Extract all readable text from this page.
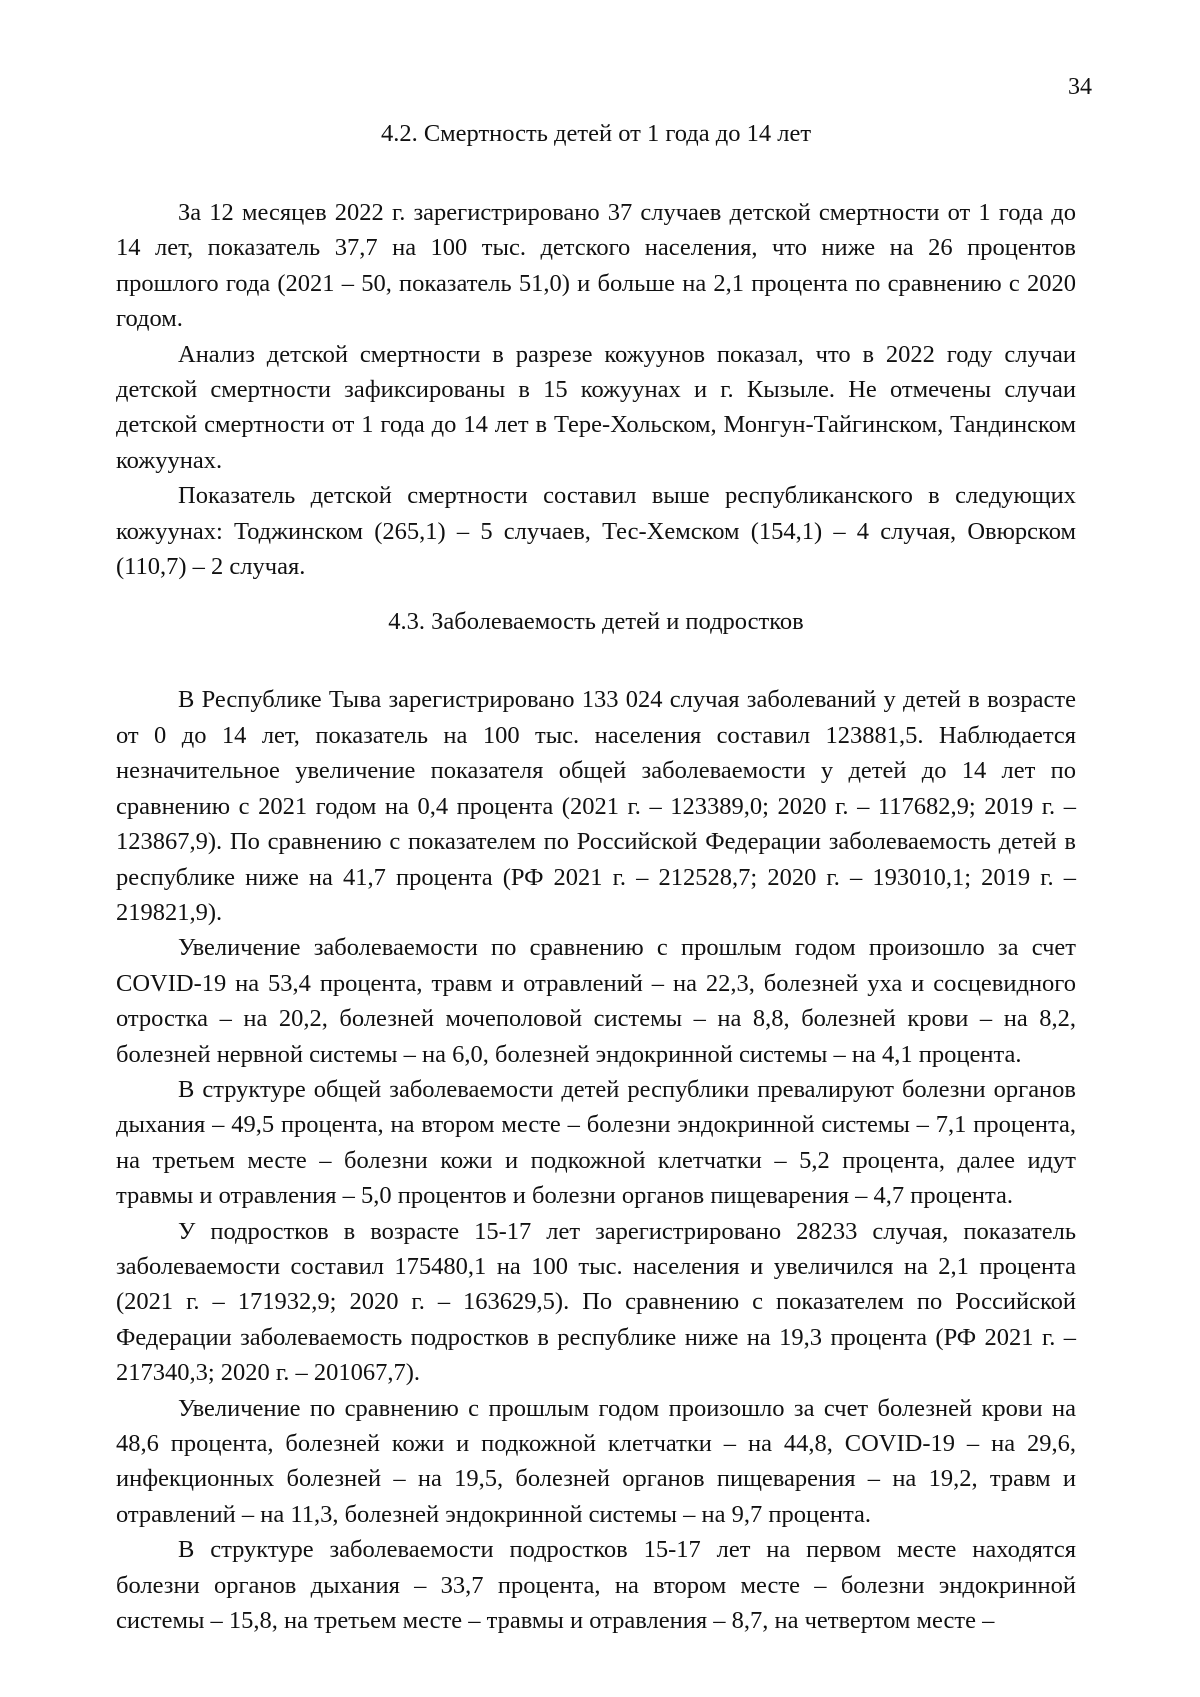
34
4.2. Смертность детей от 1 года до 14 лет

За 12 месяцев 2022 г. зарегистрировано 37 случаев детской смертности от 1 года до 14 лет, показатель 37,7 на 100 тыс. детского населения, что ниже на 26 процентов прошлого года (2021 – 50, показатель 51,0) и больше на 2,1 процента по сравнению с 2020 годом.

Анализ детской смертности в разрезе кожуунов показал, что в 2022 году случаи детской смертности зафиксированы в 15 кожуунах и г. Кызыле. Не отмечены случаи детской смертности от 1 года до 14 лет в Тере-Хольском, Монгун-Тайгинском, Тандинском кожуунах.

Показатель детской смертности составил выше республиканского в следующих кожуунах: Тоджинском (265,1) – 5 случаев, Тес-Хемском (154,1) – 4 случая, Овюрском (110,7) – 2 случая.

4.3. Заболеваемость детей и подростков

В Республике Тыва зарегистрировано 133 024 случая заболеваний у детей в возрасте от 0 до 14 лет, показатель на 100 тыс. населения составил 123881,5. Наблюдается незначительное увеличение показателя общей заболеваемости у детей до 14 лет по сравнению с 2021 годом на 0,4 процента (2021 г. – 123389,0; 2020 г. – 117682,9; 2019 г. – 123867,9). По сравнению с показателем по Российской Федерации заболеваемость детей в республике ниже на 41,7 процента (РФ 2021 г. – 212528,7; 2020 г. – 193010,1; 2019 г. – 219821,9).

Увеличение заболеваемости по сравнению с прошлым годом произошло за счет COVID-19 на 53,4 процента, травм и отравлений – на 22,3, болезней уха и сосцевидного отростка – на 20,2, болезней мочеполовой системы – на 8,8, болезней крови – на 8,2, болезней нервной системы – на 6,0, болезней эндокринной системы – на 4,1 процента.

В структуре общей заболеваемости детей республики превалируют болезни органов дыхания – 49,5 процента, на втором месте – болезни эндокринной системы – 7,1 процента, на третьем месте – болезни кожи и подкожной клетчатки – 5,2 процента, далее идут травмы и отравления – 5,0 процентов и болезни органов пищеварения – 4,7 процента.

У подростков в возрасте 15-17 лет зарегистрировано 28233 случая, показатель заболеваемости составил 175480,1 на 100 тыс. населения и увеличился на 2,1 процента (2021 г. – 171932,9; 2020 г. – 163629,5). По сравнению с показателем по Российской Федерации заболеваемость подростков в республике ниже на 19,3 процента (РФ 2021 г. – 217340,3; 2020 г. – 201067,7).

Увеличение по сравнению с прошлым годом произошло за счет болезней крови на 48,6 процента, болезней кожи и подкожной клетчатки – на 44,8, COVID-19 – на 29,6, инфекционных болезней – на 19,5, болезней органов пищеварения – на 19,2, травм и отравлений – на 11,3, болезней эндокринной системы – на 9,7 процента.

В структуре заболеваемости подростков 15-17 лет на первом месте находятся болезни органов дыхания – 33,7 процента, на втором месте – болезни эндокринной системы – 15,8, на третьем месте – травмы и отравления – 8,7, на четвертом месте –
